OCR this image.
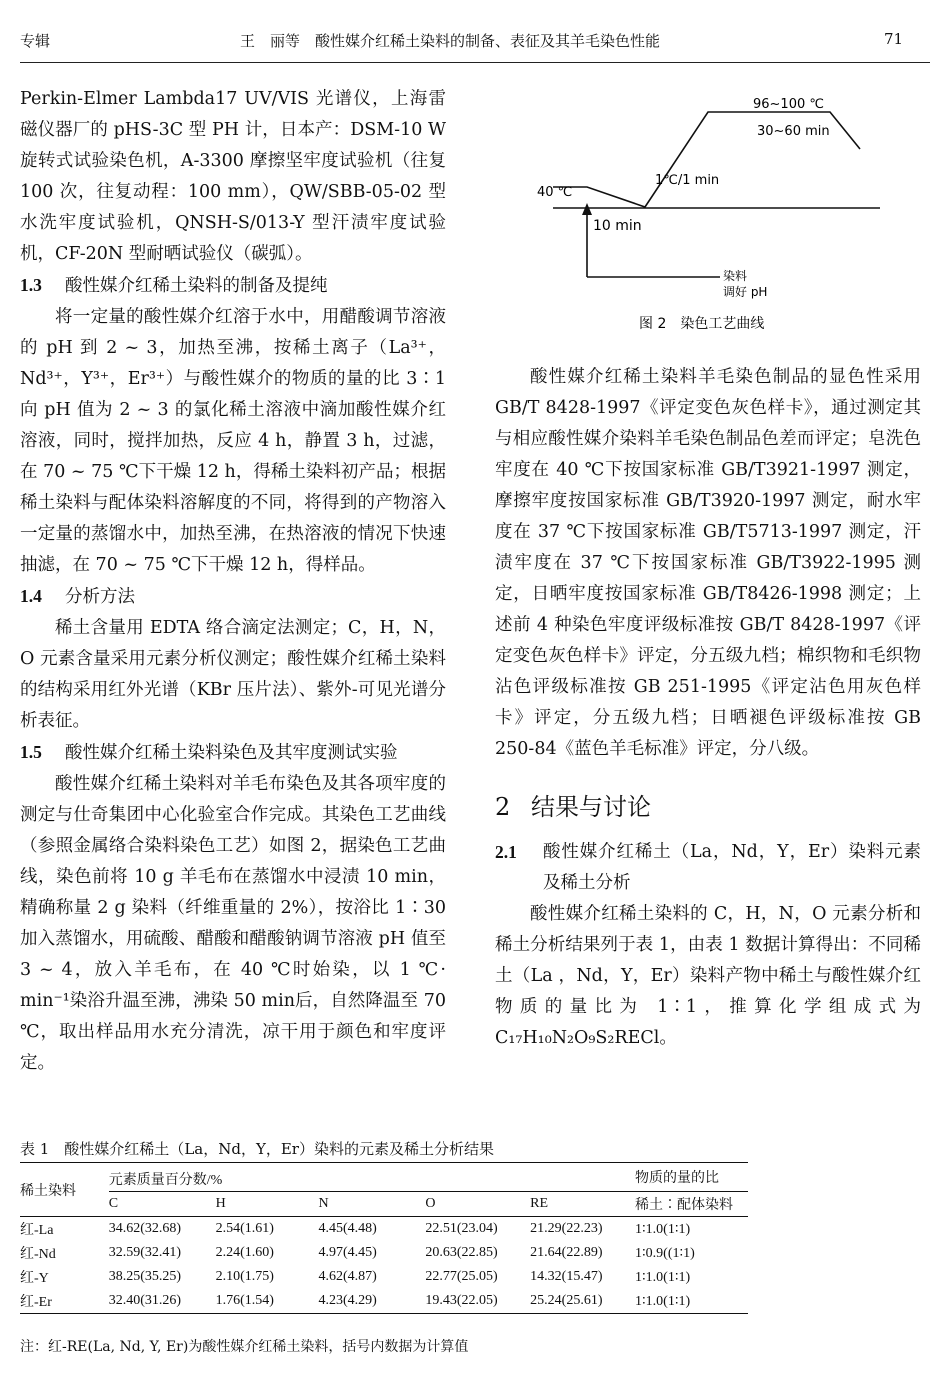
专辑	王　丽等　酸性媒介红稀土染料的制备、表征及其羊毛染色性能	71

Perkin-Elmer Lambda17 UV/VIS 光谱仪，上海雷磁仪器厂的 pHS-3C 型 PH 计，日本产：DSM-10 W 旋转式试验染色机，A-3300 摩擦坚牢度试验机（往复 100 次，往复动程：100 mm），QW/SBB-05-02 型水洗牢度试验机，QNSH-S/013-Y 型汗渍牢度试验机，CF-20N 型耐晒试验仪（碳弧）。

1.3 酸性媒介红稀土染料的制备及提纯

将一定量的酸性媒介红溶于水中，用醋酸调节溶液的 pH 到 2 ~ 3，加热至沸，按稀土离子（La³⁺，Nd³⁺，Y³⁺，Er³⁺）与酸性媒介的物质的量的比 3∶1 向 pH 值为 2 ~ 3 的氯化稀土溶液中滴加酸性媒介红溶液，同时，搅拌加热，反应 4 h，静置 3 h，过滤，在 70 ~ 75 ℃下干燥 12 h，得稀土染料初产品；根据稀土染料与配体染料溶解度的不同，将得到的产物溶入一定量的蒸馏水中，加热至沸，在热溶液的情况下快速抽滤，在 70 ~ 75 ℃下干燥 12 h，得样品。

1.4 分析方法

稀土含量用 EDTA 络合滴定法测定；C，H，N，O 元素含量采用元素分析仪测定；酸性媒介红稀土染料的结构采用红外光谱（KBr 压片法）、紫外-可见光谱分析表征。

1.5 酸性媒介红稀土染料染色及其牢度测试实验

酸性媒介红稀土染料对羊毛布染色及其各项牢度的测定与仕奇集团中心化验室合作完成。其染色工艺曲线（参照金属络合染料染色工艺）如图 2，据染色工艺曲线，染色前将 10 g 羊毛布在蒸馏水中浸渍 10 min，精确称量 2 g 染料（纤维重量的 2%），按浴比 1∶30 加入蒸馏水，用硫酸、醋酸和醋酸钠调节溶液 pH 值至 3 ~ 4，放入羊毛布，在 40 ℃时始染，以 1 ℃· min⁻¹染浴升温至沸，沸染 50 min后，自然降温至 70 ℃，取出样品用水充分清洗，凉干用于颜色和牢度评定。

96~100 ℃
30~60 min
1℃/1 min
40 ℃
10 min
染料
调好 pH
图 2　染色工艺曲线

酸性媒介红稀土染料羊毛染色制品的显色性采用 GB/T 8428-1997《评定变色灰色样卡》，通过测定其与相应酸性媒介染料羊毛染色制品色差而评定；皂洗色牢度在 40 ℃下按国家标准 GB/T3921-1997 测定，摩擦牢度按国家标准 GB/T3920-1997 测定，耐水牢度在 37 ℃下按国家标准 GB/T5713-1997 测定，汗渍牢度在 37 ℃下按国家标准 GB/T3922-1995 测定，日晒牢度按国家标准 GB/T8426-1998 测定；上述前 4 种染色牢度评级标准按 GB/T 8428-1997《评定变色灰色样卡》评定，分五级九档；棉织物和毛织物沾色评级标准按 GB 251-1995《评定沾色用灰色样卡》评定，分五级九档；日晒褪色评级标准按 GB 250-84《蓝色羊毛标准》评定，分八级。

2 结果与讨论

2.1	酸性媒介红稀土（La，Nd，Y，Er）染料元素及稀土分析

酸性媒介红稀土染料的 C，H，N，O 元素分析和稀土分析结果列于表 1，由表 1 数据计算得出：不同稀土（La ，Nd，Y，Er）染料产物中稀土与酸性媒介红物质的量比为 1∶1，推算化学组成式为 C₁₇H₁₀N₂O₉S₂RECl。

表 1　酸性媒介红稀土（La，Nd，Y，Er）染料的元素及稀土分析结果
稀土染料	元素质量百分数/%					物质的量的比
	C	H	N	O	RE	稀土∶配体染料
红-La	34.62(32.68)	2.54(1.61)	4.45(4.48)	22.51(23.04)	21.29(22.23)	1∶1.0(1∶1)
红-Nd	32.59(32.41)	2.24(1.60)	4.97(4.45)	20.63(22.85)	21.64(22.89)	1∶0.9((1∶1)
红-Y	38.25(35.25)	2.10(1.75)	4.62(4.87)	22.77(25.05)	14.32(15.47)	1∶1.0(1∶1)
红-Er	32.40(31.26)	1.76(1.54)	4.23(4.29)	19.43(22.05)	25.24(25.61)	1∶1.0(1∶1)
注：红-RE(La, Nd, Y, Er)为酸性媒介红稀土染料，括号内数据为计算值
